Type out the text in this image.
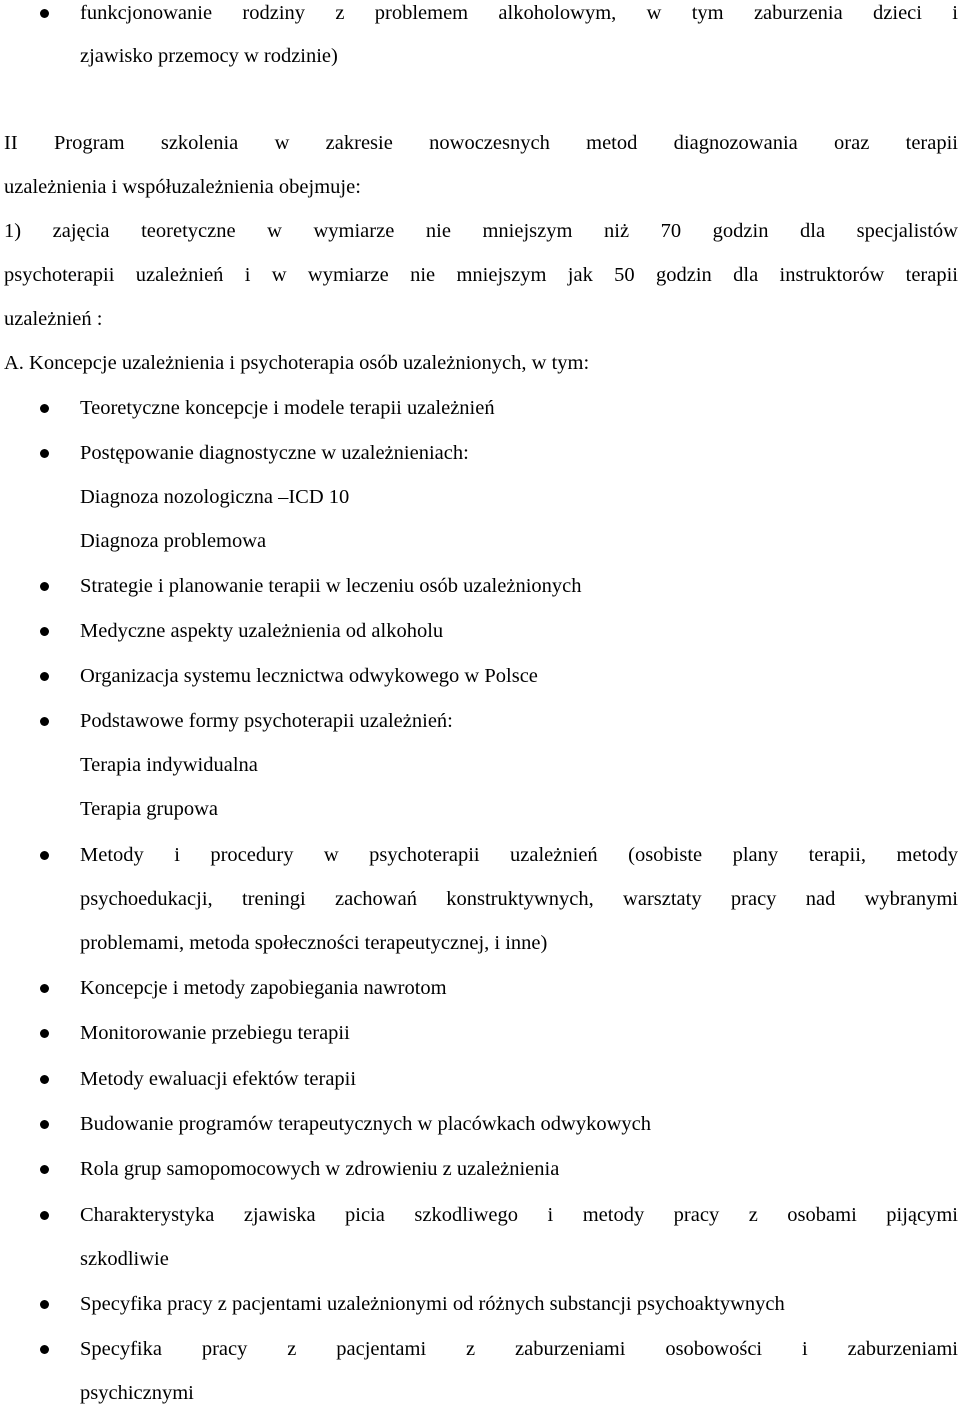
funkcjonowanie rodziny z problemem alkoholowym, w tym zaburzenia dzieci i
zjawisko przemocy w rodzinie)
II Program szkolenia w zakresie nowoczesnych metod diagnozowania oraz terapii
uzależnienia i współuzależnienia obejmuje:
1) zajęcia teoretyczne w wymiarze nie mniejszym niż 70 godzin dla specjalistów
psychoterapii uzależnień i w wymiarze nie mniejszym jak 50 godzin dla instruktorów terapii
uzależnień :
A. Koncepcje uzależnienia i psychoterapia osób uzależnionych, w tym:
Teoretyczne koncepcje i modele terapii uzależnień
Postępowanie diagnostyczne w uzależnieniach:
Diagnoza nozologiczna –ICD 10
Diagnoza problemowa
Strategie i planowanie terapii w leczeniu osób uzależnionych
Medyczne aspekty uzależnienia od alkoholu
Organizacja systemu lecznictwa odwykowego w Polsce
Podstawowe formy psychoterapii uzależnień:
Terapia indywidualna
Terapia grupowa
Metody i procedury w psychoterapii uzależnień (osobiste plany terapii, metody
psychoedukacji, treningi zachowań konstruktywnych, warsztaty pracy nad wybranymi
problemami, metoda społeczności terapeutycznej, i inne)
Koncepcje i metody zapobiegania nawrotom
Monitorowanie przebiegu terapii
Metody ewaluacji efektów terapii
Budowanie programów terapeutycznych w placówkach odwykowych
Rola grup samopomocowych w zdrowieniu z uzależnienia
Charakterystyka zjawiska picia szkodliwego i metody pracy z osobami pijącymi
szkodliwie
Specyfika pracy z pacjentami uzależnionymi od różnych substancji psychoaktywnych
Specyfika pracy z pacjentami z zaburzeniami osobowości i zaburzeniami
psychicznymi
